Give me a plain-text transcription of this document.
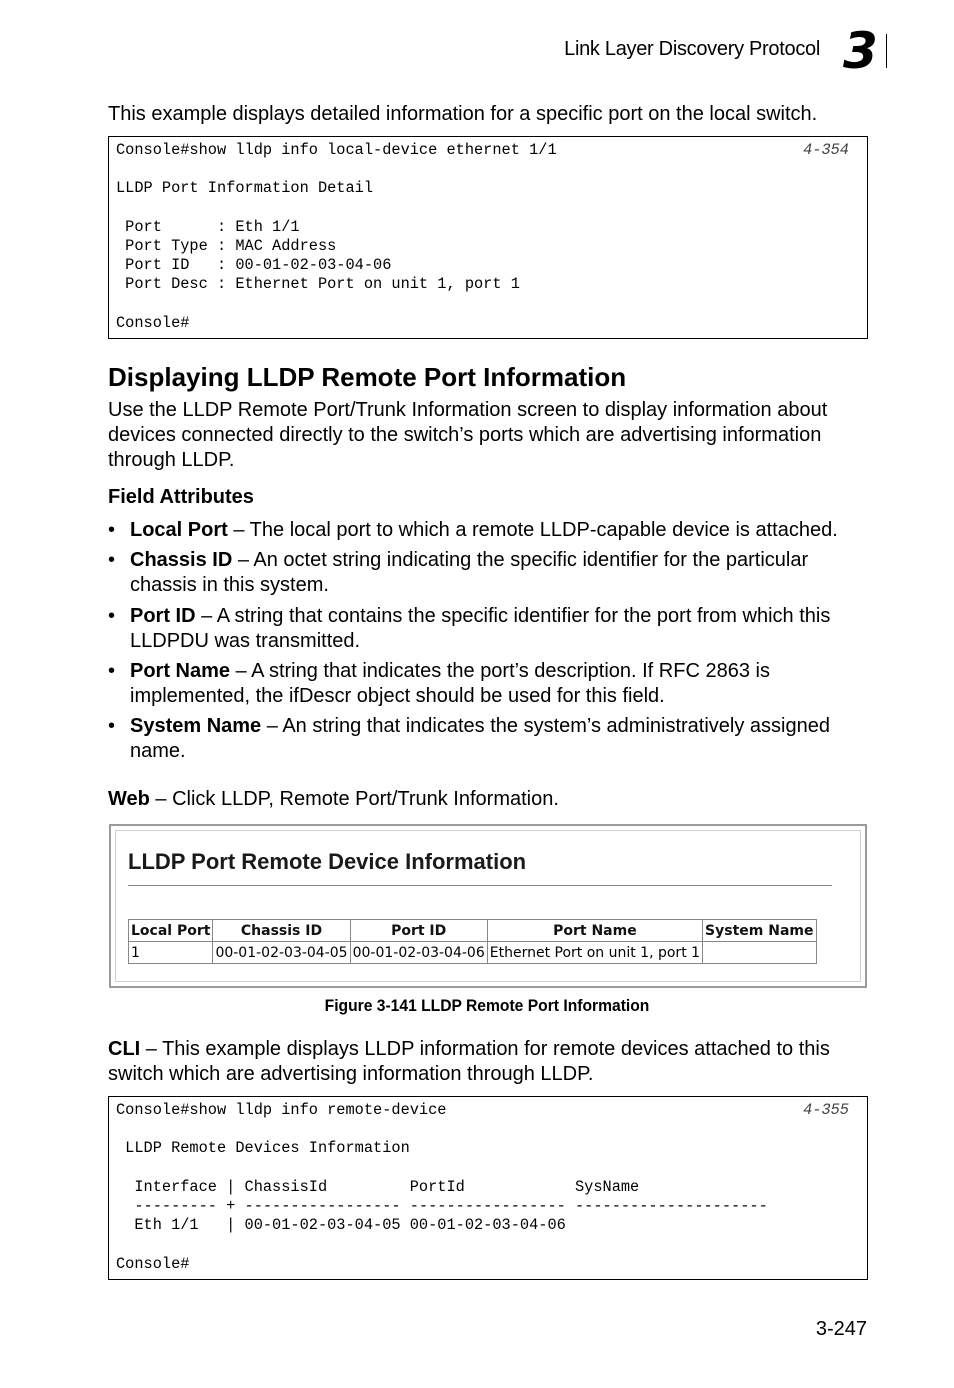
Link Layer Discovery Protocol 3
This example displays detailed information for a specific port on the local switch.
4-354
Console#show lldp info local-device ethernet 1/1

LLDP Port Information Detail

Port      : Eth 1/1
Port Type : MAC Address
Port ID   : 00-01-02-03-04-06
Port Desc : Ethernet Port on unit 1, port 1

Console#
Displaying LLDP Remote Port Information
Use the LLDP Remote Port/Trunk Information screen to display information about devices connected directly to the switch’s ports which are advertising information through LLDP.
Field Attributes
• Local Port – The local port to which a remote LLDP-capable device is attached.
• Chassis ID – An octet string indicating the specific identifier for the particular chassis in this system.
• Port ID – A string that contains the specific identifier for the port from which this LLDPDU was transmitted.
• Port Name – A string that indicates the port’s description. If RFC 2863 is implemented, the ifDescr object should be used for this field.
• System Name – An string that indicates the system’s administratively assigned name.
Web – Click LLDP, Remote Port/Trunk Information.
LLDP Port Remote Device Information
Local Port	Chassis ID	Port ID	Port Name	System Name
1	00-01-02-03-04-05	00-01-02-03-04-06	Ethernet Port on unit 1, port 1	
Figure 3-141 LLDP Remote Port Information
CLI – This example displays LLDP information for remote devices attached to this switch which are advertising information through LLDP.
4-355
Console#show lldp info remote-device

LLDP Remote Devices Information

Interface | ChassisId         PortId            SysName
--------- + ----------------- ----------------- ---------------------
Eth 1/1   | 00-01-02-03-04-05 00-01-02-03-04-06

Console#
3-247
